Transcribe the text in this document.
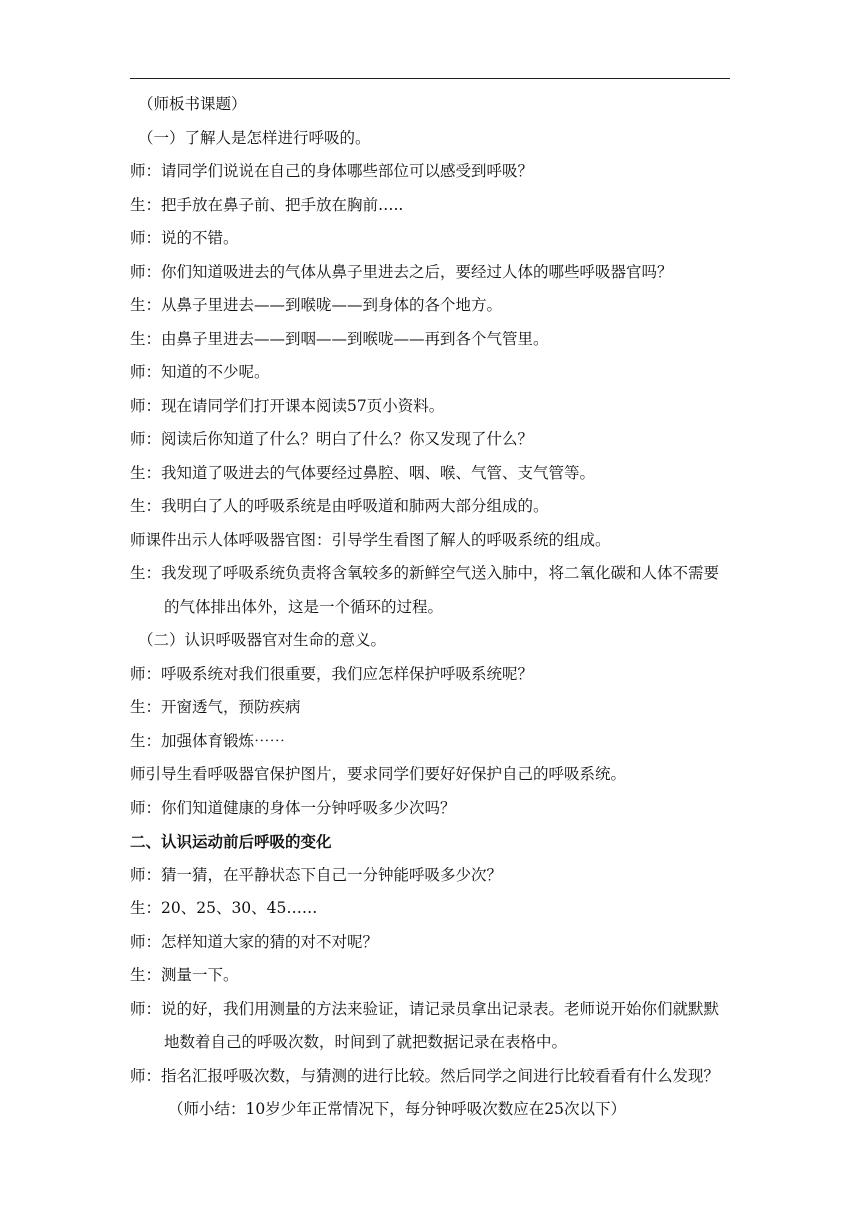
（师板书课题）
（一）了解人是怎样进行呼吸的。
师：请同学们说说在自己的身体哪些部位可以感受到呼吸？
生：把手放在鼻子前、把手放在胸前…..
师：说的不错。
师：你们知道吸进去的气体从鼻子里进去之后，要经过人体的哪些呼吸器官吗？
生：从鼻子里进去——到喉咙——到身体的各个地方。
生：由鼻子里进去——到咽——到喉咙——再到各个气管里。
师：知道的不少呢。
师：现在请同学们打开课本阅读57页小资料。
师：阅读后你知道了什么？明白了什么？你又发现了什么？
生：我知道了吸进去的气体要经过鼻腔、咽、喉、气管、支气管等。
生：我明白了人的呼吸系统是由呼吸道和肺两大部分组成的。
师课件出示人体呼吸器官图：引导学生看图了解人的呼吸系统的组成。
生：我发现了呼吸系统负责将含氧较多的新鲜空气送入肺中，将二氧化碳和人体不需要的气体排出体外，这是一个循环的过程。
（二）认识呼吸器官对生命的意义。
师：呼吸系统对我们很重要，我们应怎样保护呼吸系统呢？
生：开窗透气，预防疾病
生：加强体育锻炼⋯⋯
师引导生看呼吸器官保护图片，要求同学们要好好保护自己的呼吸系统。
师：你们知道健康的身体一分钟呼吸多少次吗？
二、认识运动前后呼吸的变化
师：猜一猜，在平静状态下自己一分钟能呼吸多少次？
生：20、25、30、45……
师：怎样知道大家的猜的对不对呢？
生：测量一下。
师：说的好，我们用测量的方法来验证，请记录员拿出记录表。老师说开始你们就默默地数着自己的呼吸次数，时间到了就把数据记录在表格中。
师：指名汇报呼吸次数，与猜测的进行比较。然后同学之间进行比较看看有什么发现？
（师小结：10岁少年正常情况下，每分钟呼吸次数应在25次以下）
